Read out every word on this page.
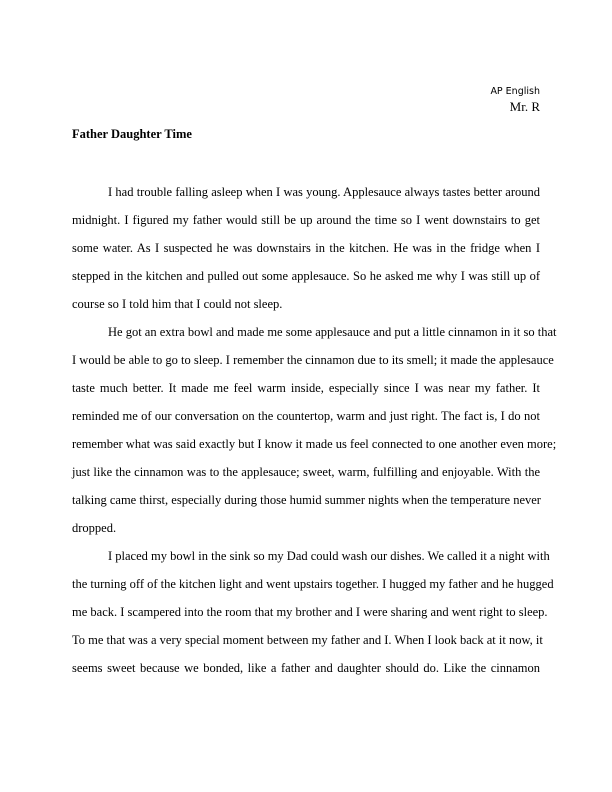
AP English
Mr. R
Father Daughter Time
I had trouble falling asleep when I was young. Applesauce always tastes better around
midnight. I figured my father would still be up around the time so I went downstairs to get
some water. As I suspected he was downstairs in the kitchen. He was in the fridge when I
stepped in the kitchen and pulled out some applesauce. So he asked me why I was still up of
course so I told him that I could not sleep.
He got an extra bowl and made me some applesauce and put a little cinnamon in it so that
I would be able to go to sleep. I remember the cinnamon due to its smell; it made the applesauce
taste much better. It made me feel warm inside, especially since I was near my father. It
reminded me of our conversation on the countertop, warm and just right. The fact is, I do not
remember what was said exactly but I know it made us feel connected to one another even more;
just like the cinnamon was to the applesauce; sweet, warm, fulfilling and enjoyable. With the
talking came thirst, especially during those humid summer nights when the temperature never
dropped.
I placed my bowl in the sink so my Dad could wash our dishes. We called it a night with
the turning off of the kitchen light and went upstairs together. I hugged my father and he hugged
me back. I scampered into the room that my brother and I were sharing and went right to sleep.
To me that was a very special moment between my father and I. When I look back at it now, it
seems sweet because we bonded, like a father and daughter should do. Like the cinnamon
